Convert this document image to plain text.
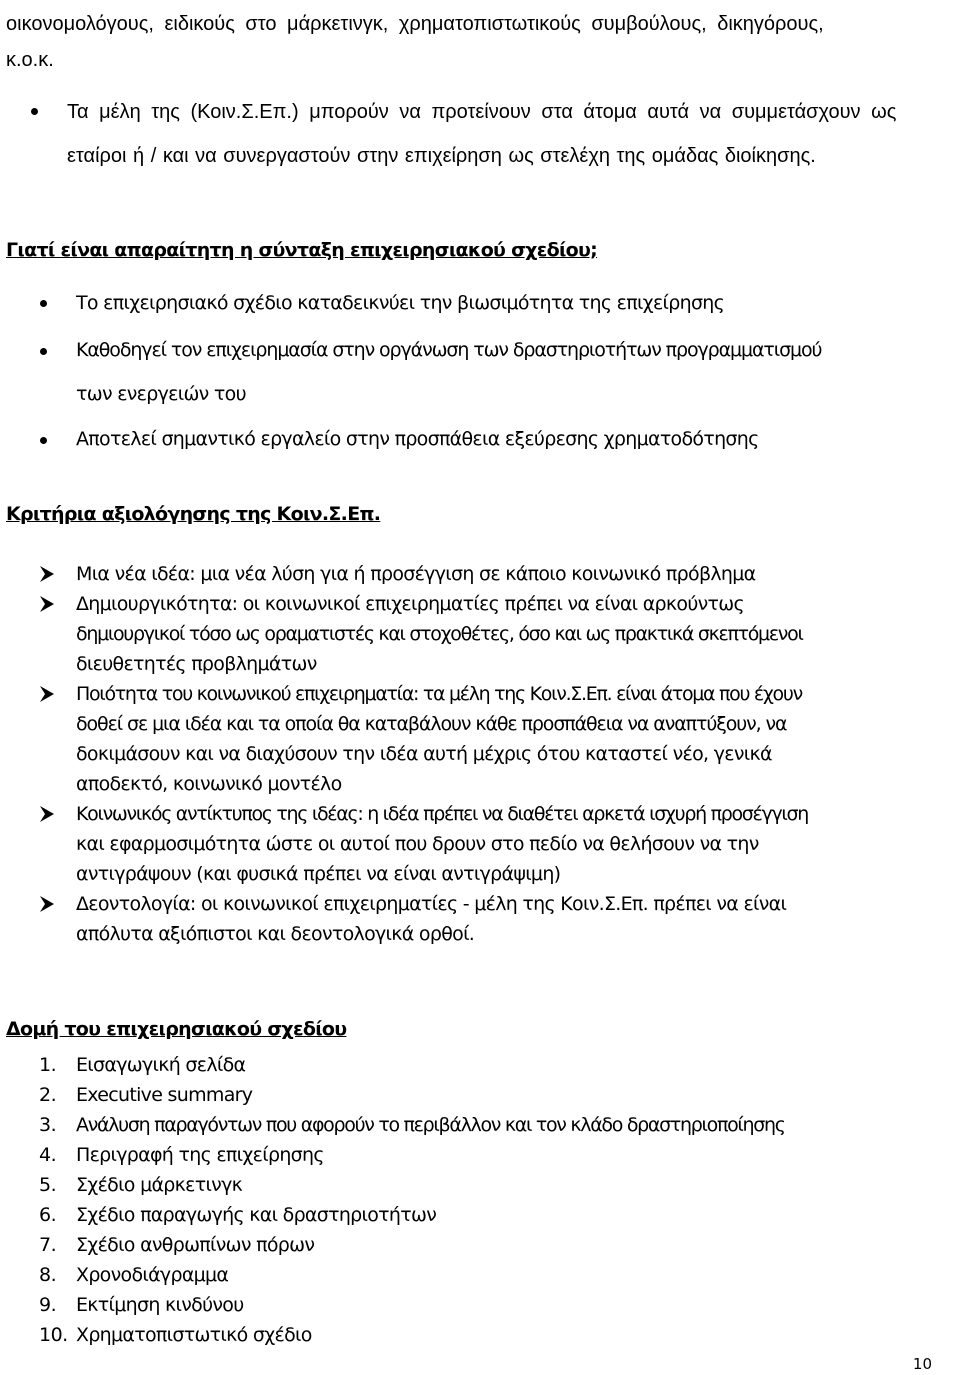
οικονομολόγους, ειδικούς στο μάρκετινγκ, χρηματοπιστωτικούς συμβούλους, δικηγόρους,
κ.ο.κ.
Τα μέλη της (Κοιν.Σ.Επ.) μπορούν να προτείνουν στα άτομα αυτά να συμμετάσχουν ως
εταίροι ή / και να συνεργαστούν στην επιχείρηση ως στελέχη της ομάδας διοίκησης.
Γιατί είναι απαραίτητη η σύνταξη επιχειρησιακού σχεδίου;
Το επιχειρησιακό σχέδιο καταδεικνύει την βιωσιμότητα της επιχείρησης
Καθοδηγεί τον επιχειρημασία στην οργάνωση των δραστηριοτήτων προγραμματισμού
των ενεργειών του
Αποτελεί σημαντικό εργαλείο στην προσπάθεια εξεύρεσης χρηματοδότησης
Κριτήρια αξιολόγησης της Κοιν.Σ.Επ.
Μια νέα ιδέα: μια νέα λύση για ή προσέγγιση σε κάποιο κοινωνικό πρόβλημα
Δημιουργικότητα: οι κοινωνικοί επιχειρηματίες πρέπει να είναι αρκούντως
δημιουργικοί τόσο ως οραματιστές και στοχοθέτες, όσο και ως πρακτικά σκεπτόμενοι
διευθετητές προβλημάτων
Ποιότητα του κοινωνικού επιχειρηματία: τα μέλη της Κοιν.Σ.Επ. είναι άτομα που έχουν
δοθεί σε μια ιδέα και τα οποία θα καταβάλουν κάθε προσπάθεια να αναπτύξουν, να
δοκιμάσουν και να διαχύσουν την ιδέα αυτή μέχρις ότου καταστεί νέο, γενικά
αποδεκτό, κοινωνικό μοντέλο
Κοινωνικός αντίκτυπος της ιδέας: η ιδέα πρέπει να διαθέτει αρκετά ισχυρή προσέγγιση
και εφαρμοσιμότητα ώστε οι αυτοί που δρουν στο πεδίο να θελήσουν να την
αντιγράψουν (και φυσικά πρέπει να είναι αντιγράψιμη)
Δεοντολογία: οι κοινωνικοί επιχειρηματίες - μέλη της Κοιν.Σ.Επ. πρέπει να είναι
απόλυτα αξιόπιστοι και δεοντολογικά ορθοί.
Δομή του επιχειρησιακού σχεδίου
1. Εισαγωγική σελίδα
2. Executive summary
3. Ανάλυση παραγόντων που αφορούν το περιβάλλον και τον κλάδο δραστηριοποίησης
4. Περιγραφή της επιχείρησης
5. Σχέδιο μάρκετινγκ
6. Σχέδιο παραγωγής και δραστηριοτήτων
7. Σχέδιο ανθρωπίνων πόρων
8. Χρονοδιάγραμμα
9. Εκτίμηση κινδύνου
10. Χρηματοπιστωτικό σχέδιο
10
